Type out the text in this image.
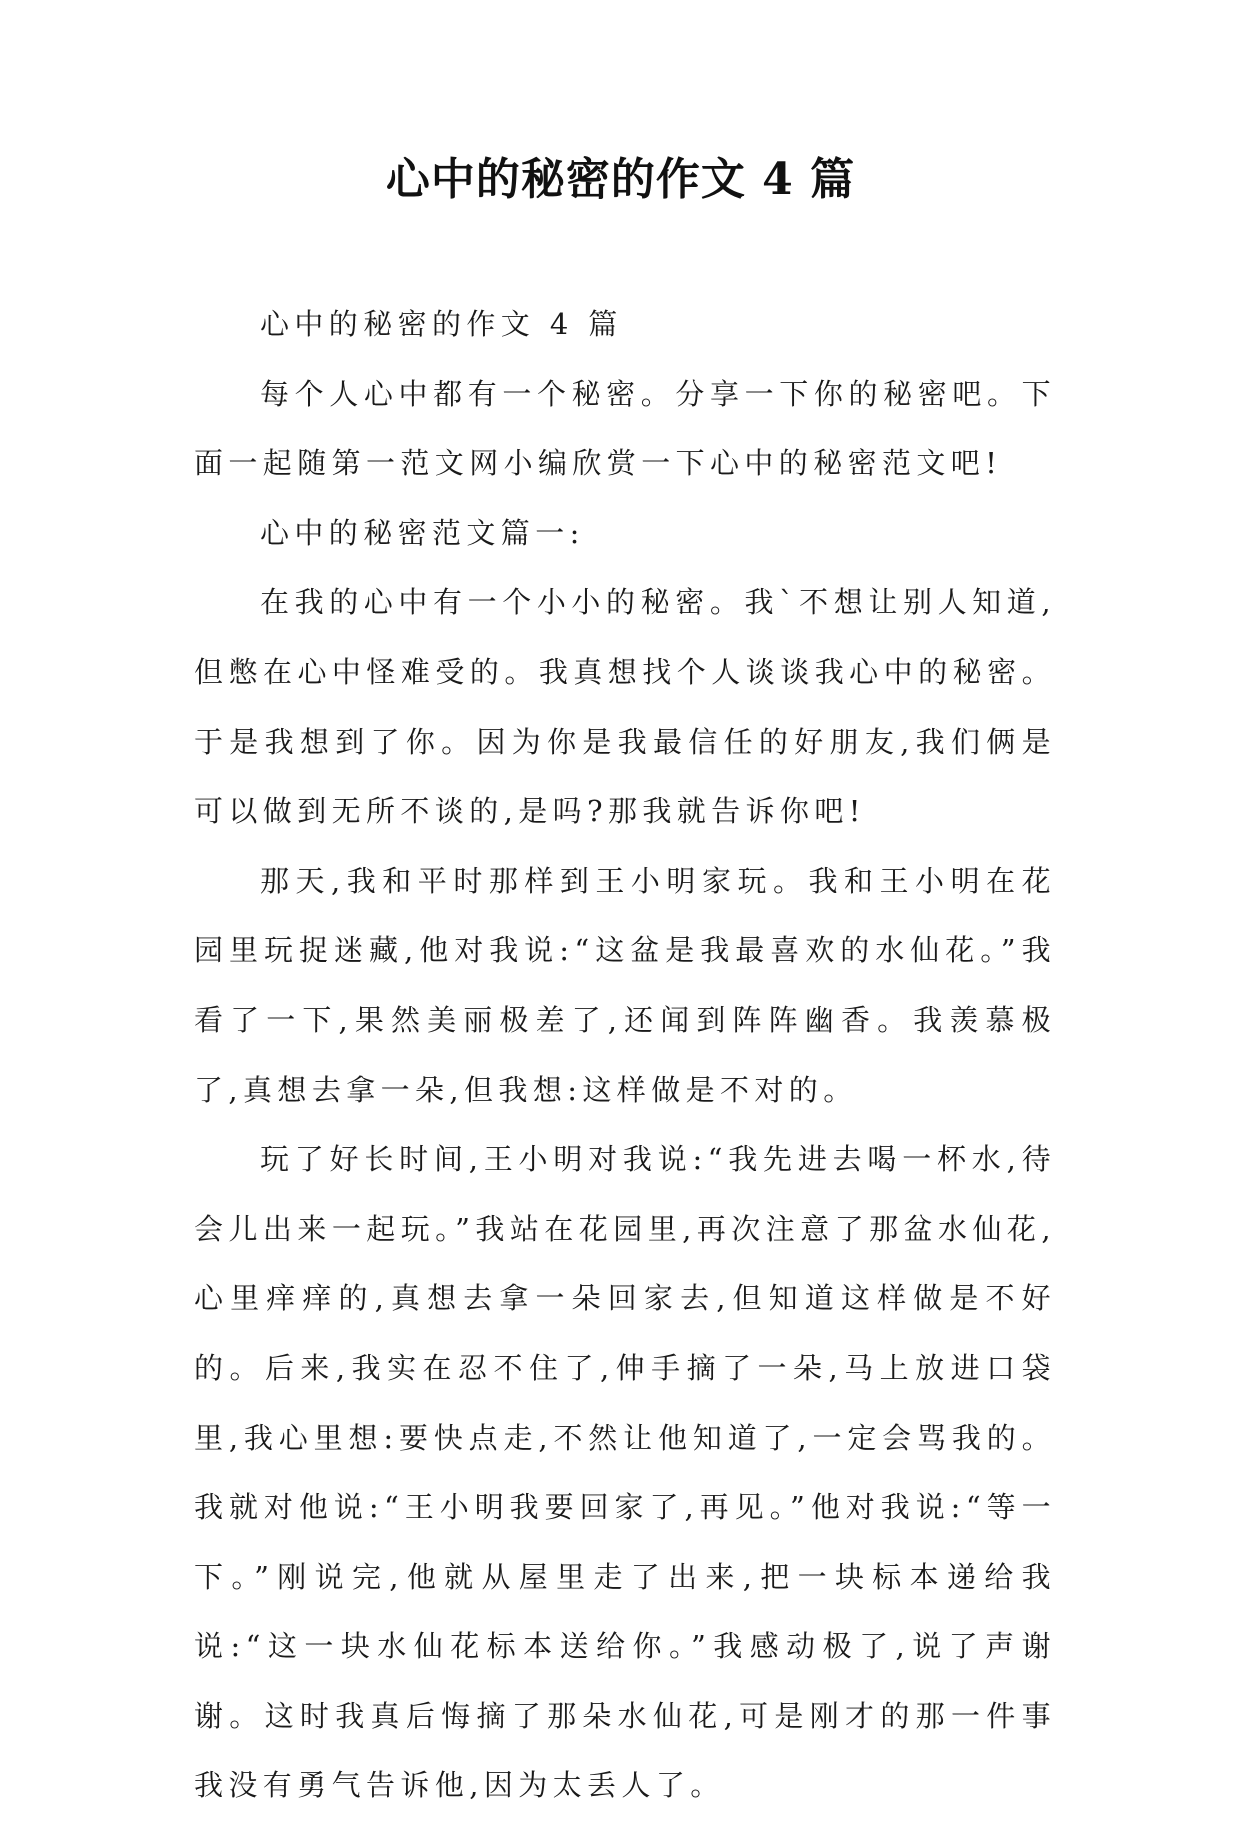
心中的秘密的作文 4 篇

心中的秘密的作文 4 篇

每个人心中都有一个秘密。分享一下你的秘密吧。下面一起随第一范文网小编欣赏一下心中的秘密范文吧!

心中的秘密范文篇一:

在我的心中有一个小小的秘密。我`不想让别人知道,但憋在心中怪难受的。我真想找个人谈谈我心中的秘密。于是我想到了你。因为你是我最信任的好朋友,我们俩是可以做到无所不谈的,是吗?那我就告诉你吧!

那天,我和平时那样到王小明家玩。我和王小明在花园里玩捉迷藏,他对我说:“这盆是我最喜欢的水仙花。”我看了一下,果然美丽极差了,还闻到阵阵幽香。我羡慕极了,真想去拿一朵,但我想:这样做是不对的。

玩了好长时间,王小明对我说:“我先进去喝一杯水,待会儿出来一起玩。”我站在花园里,再次注意了那盆水仙花,心里痒痒的,真想去拿一朵回家去,但知道这样做是不好的。后来,我实在忍不住了,伸手摘了一朵,马上放进口袋里,我心里想:要快点走,不然让他知道了,一定会骂我的。我就对他说:“王小明我要回家了,再见。”他对我说:“等一下。”刚说完,他就从屋里走了出来,把一块标本递给我说:“这一块水仙花标本送给你。”我感动极了,说了声谢谢。这时我真后悔摘了那朵水仙花,可是刚才的那一件事我没有勇气告诉他,因为太丢人了。
